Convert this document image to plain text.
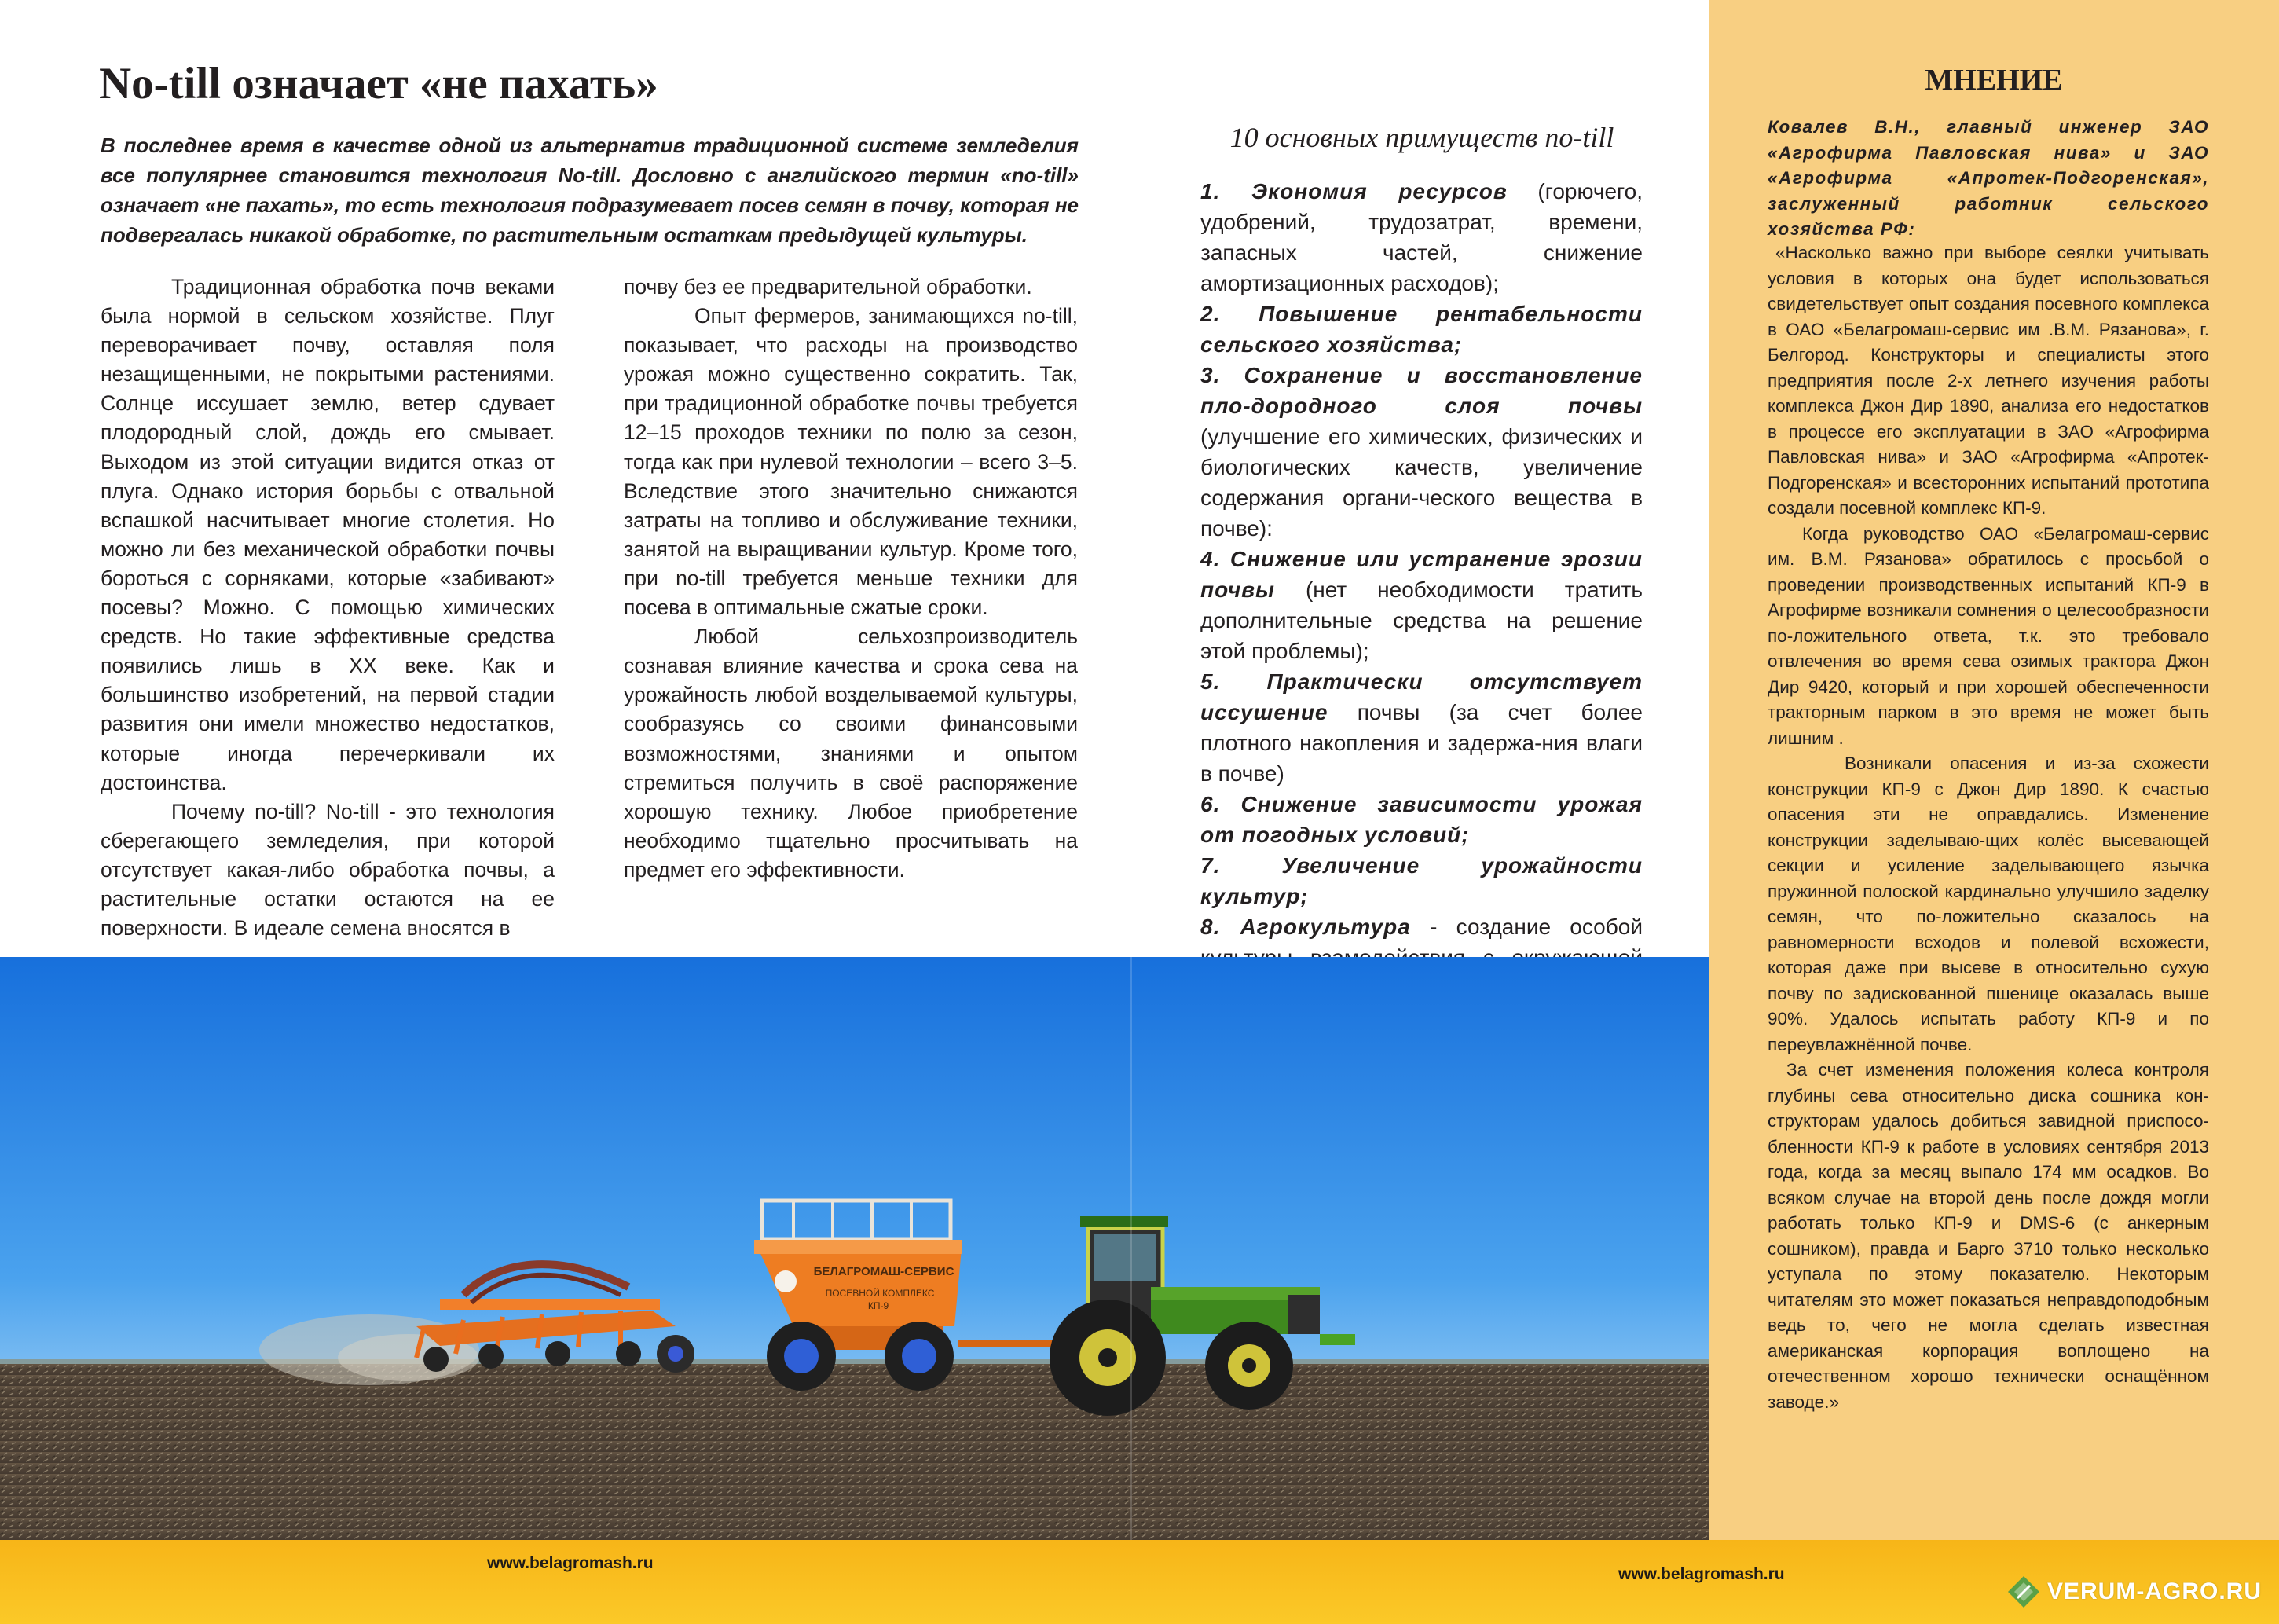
No-till означает «не пахать»
В последнее время в качестве одной из альтернатив традиционной системе земледелия все популярнее становится технология No-till. Дословно с английского термин «no-till» означает «не пахать», то есть технология подразумевает посев семян в почву, которая не подвергалась никакой обработке, по растительным остаткам предыдущей культуры.

Традиционная обработка почв веками была нормой в сельском хозяйстве. Плуг переворачивает почву, оставляя поля незащищенными, не покрытыми растениями. Солнце иссушает землю, ветер сдувает плодородный слой, дождь его смывает. Выходом из этой ситуации видится отказ от плуга. Однако история борьбы с отвальной вспашкой насчитывает многие столетия. Но можно ли без механической обработки почвы бороться с сорняками, которые «забивают» посевы? Можно. С помощью химических средств. Но такие эффективные средства появились лишь в XX веке. Как и большинство изобретений, на первой стадии развития они имели множество недостатков, которые иногда перечеркивали их достоинства.

Почему no-till? No-till - это технология сберегающего земледелия, при которой отсутствует какая-либо обработка почвы, а растительные остатки остаются на ее поверхности. В идеале семена вносятся в

почву без ее предварительной обработки.

Опыт фермеров, занимающихся no-till, показывает, что расходы на производство урожая можно существенно сократить. Так, при традиционной обработке почвы требуется 12–15 проходов техники по полю за сезон, тогда как при нулевой технологии – всего 3–5. Вследствие этого значительно снижаются затраты на топливо и обслуживание техники, занятой на выращивании культур. Кроме того, при no-till требуется меньше техники для посева в оптимальные сжатые сроки.

Любой сельхозпроизводитель сознавая влияние качества и срока сева на урожайность любой возделываемой культуры, сообразуясь со своими финансовыми возможностями, знаниями и опытом стремиться получить в своё распоряжение хорошую технику. Любое приобретение необходимо тщательно просчитывать на предмет его эффективности.

10 основных примуществ no-till
1. Экономия ресурсов (горючего, удобрений, трудозатрат, времени, запасных частей, снижение амортизационных расходов);
2. Повышение рентабельности сельского хозяйства;
3. Сохранение и восстановление пло-дородного слоя почвы (улучшение его химических, физических и биологических качеств, увеличение содержания органи-ческого вещества в почве):
4. Снижение или устранение эрозии почвы (нет необходимости тратить дополнительные средства на решение этой проблемы);
5. Практически отсутствует иссушение почвы (за счет более плотного накопления и задержа-ния влаги в почве)
6. Снижение зависимости урожая от погодных условий;
7. Увеличение урожайности культур;
8. Агрокультура - создание особой
МНЕНИЕ
Ковалев В.Н., главный инженер ЗАО «Агрофирма Павловская нива» и ЗАО «Агрофирма «Апротек-Подгоренская», заслуженный работник сельского хозяйства РФ:

«Насколько важно при выборе сеялки учитывать условия в которых она будет использоваться свидетельствует опыт создания посевного комплекса в ОАО «Белагромаш-сервис им .В.М. Рязанова», г. Белгород. Конструкторы и специалисты этого предприятия после 2-х летнего изучения работы комплекса Джон Дир 1890, анализа его недостатков в процессе его эксплуатации в ЗАО «Агрофирма Павловская нива» и ЗАО «Агрофирма «Апротек-Подгоренская» и всесторонних испытаний прототипа создали посевной комплекс КП-9.

Когда руководство ОАО «Белагромаш-сервис им. В.М. Рязанова» обратилось с просьбой о проведении производственных испытаний КП-9 в Агрофирме возникали сомнения о целесообразности по-ложительного ответа, т.к. это требовало отвлечения во время сева озимых трактора Джон Дир 9420, который и при хорошей обеспеченности тракторным парком в это время не может быть лишним .

Возникали опасения и из-за схожести конструкции КП-9 с Джон Дир 1890. К счастью опасения эти не оправдались. Изменение конструкции заделываю-щих колёс высевающей секции и усиление заделывающего язычка пружинной полоской кардинально улучшило заделку семян, что по-ложительно сказалось на равномерности всходов и полевой всхожести, которая даже при высеве в относительно сухую почву по задискованной пшенице оказалась выше 90%. Удалось испытать работу КП-9 и по переувлажнённой почве.

За счет изменения положения колеса контроля глубины сева относительно диска сошника кон-структорам удалось добиться завидной приспосо-бленности КП-9 к работе в условиях сентября 2013 года, когда за месяц выпало 174 мм осадков. Во всяком случае на второй день после дождя могли работать только КП-9 и DMS-6 (с анкерным сошником), правда и Барго 3710 только несколько уступала по этому показателю. Некоторым читателям это может показаться неправдоподобным ведь то, чего не могла сделать известная американская корпорация воплощено на отечественном хорошо технически оснащённом заводе.»

БЕЛАГРОМАШ-СЕРВИС
ПОСЕВНОЙ КОМПЛЕКС
КП-9
www.belagromash.ru
www.belagromash.ru
VERUM-AGRO.RU
